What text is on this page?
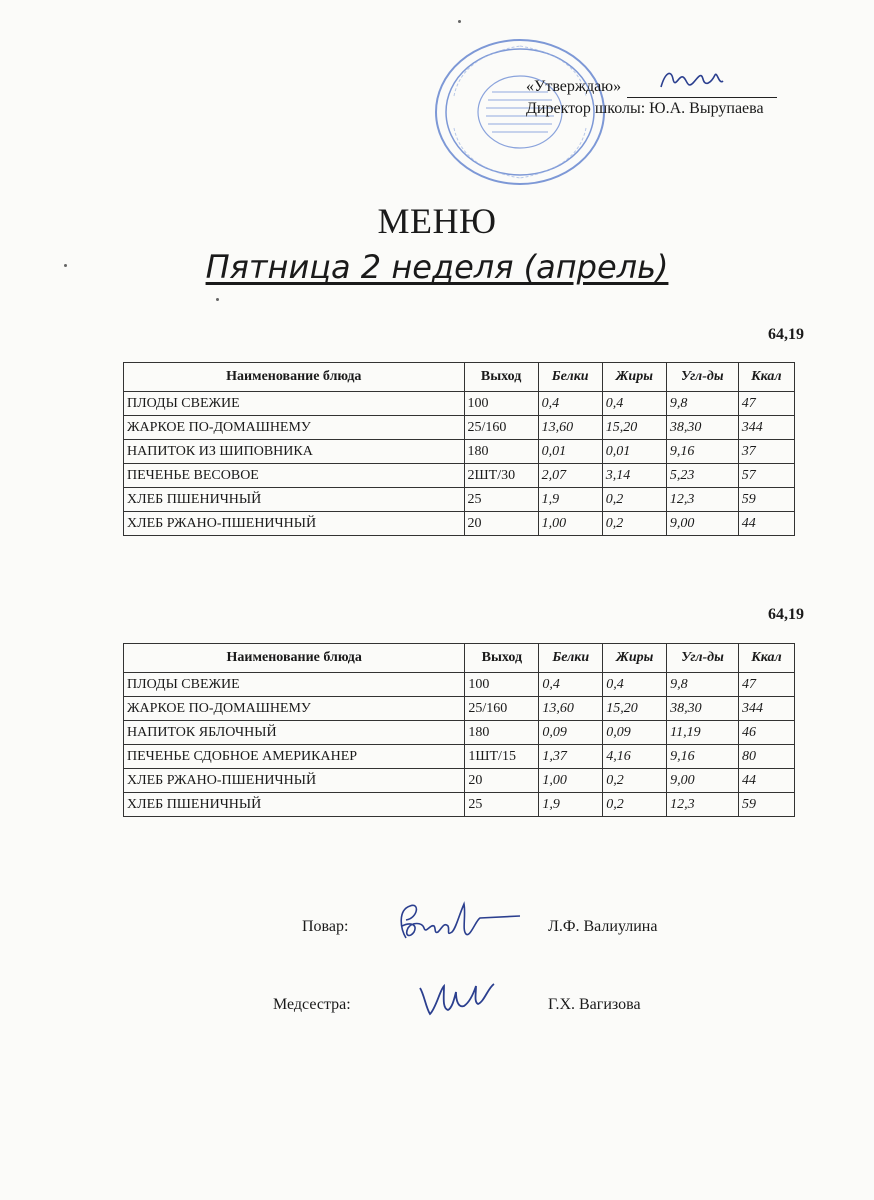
«Утверждаю»
Директор школы: Ю.А. Вырупаева
МЕНЮ
Пятница 2 неделя (апрель)
64,19
Наименование блюда	Выход	Белки	Жиры	Угл-ды	Ккал
ПЛОДЫ СВЕЖИЕ	100	0,4	0,4	9,8	47
ЖАРКОЕ ПО-ДОМАШНЕМУ	25/160	13,60	15,20	38,30	344
НАПИТОК ИЗ ШИПОВНИКА	180	0,01	0,01	9,16	37
ПЕЧЕНЬЕ ВЕСОВОЕ	2ШТ/30	2,07	3,14	5,23	57
ХЛЕБ ПШЕНИЧНЫЙ	25	1,9	0,2	12,3	59
ХЛЕБ РЖАНО-ПШЕНИЧНЫЙ	20	1,00	0,2	9,00	44
64,19
Наименование блюда	Выход	Белки	Жиры	Угл-ды	Ккал
ПЛОДЫ СВЕЖИЕ	100	0,4	0,4	9,8	47
ЖАРКОЕ ПО-ДОМАШНЕМУ	25/160	13,60	15,20	38,30	344
НАПИТОК ЯБЛОЧНЫЙ	180	0,09	0,09	11,19	46
ПЕЧЕНЬЕ СДОБНОЕ АМЕРИКАНЕР	1ШТ/15	1,37	4,16	9,16	80
ХЛЕБ РЖАНО-ПШЕНИЧНЫЙ	20	1,00	0,2	9,00	44
ХЛЕБ ПШЕНИЧНЫЙ	25	1,9	0,2	12,3	59
Повар:	Л.Ф. Валиулина
Медсестра:	Г.Х. Вагизова
